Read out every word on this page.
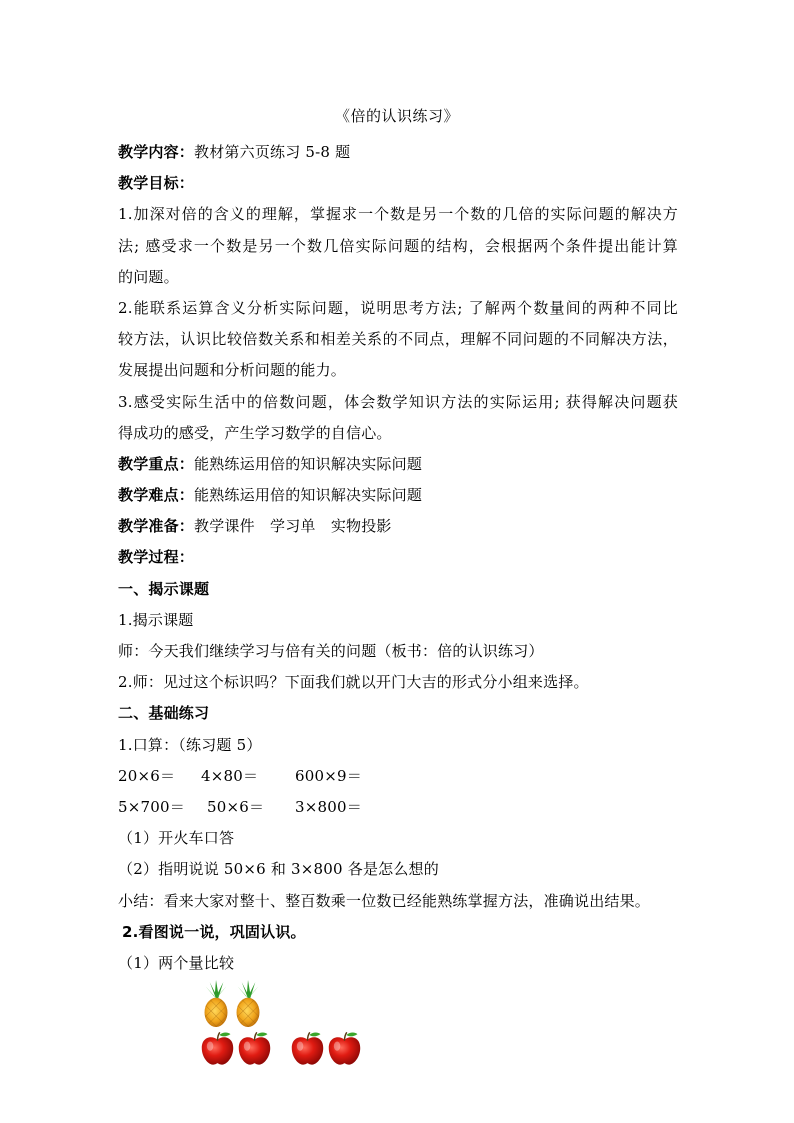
《倍的认识练习》
教学内容：教材第六页练习 5-8 题
教学目标：
1.加深对倍的含义的理解，掌握求一个数是另一个数的几倍的实际问题的解决方
法; 感受求一个数是另一个数几倍实际问题的结构，会根据两个条件提出能计算
的问题。
2.能联系运算含义分析实际问题，说明思考方法; 了解两个数量间的两种不同比
较方法，认识比较倍数关系和相差关系的不同点，理解不同问题的不同解决方法，
发展提出问题和分析问题的能力。
3.感受实际生活中的倍数问题，体会数学知识方法的实际运用; 获得解决问题获
得成功的感受，产生学习数学的自信心。
教学重点：能熟练运用倍的知识解决实际问题
教学难点：能熟练运用倍的知识解决实际问题
教学准备：教学课件　学习单　实物投影
教学过程：
一、揭示课题
1.揭示课题
师：今天我们继续学习与倍有关的问题（板书：倍的认识练习）
2.师：见过这个标识吗？下面我们就以开门大吉的形式分小组来选择。
二、基础练习
1.口算：（练习题 5）
20×6＝ 4×80＝ 600×9＝
5×700＝ 50×6＝ 3×800＝
（1）开火车口答
（2）指明说说 50×6 和 3×800 各是怎么想的
小结：看来大家对整十、整百数乘一位数已经能熟练掌握方法，准确说出结果。
2.看图说一说，巩固认识。
（1）两个量比较
